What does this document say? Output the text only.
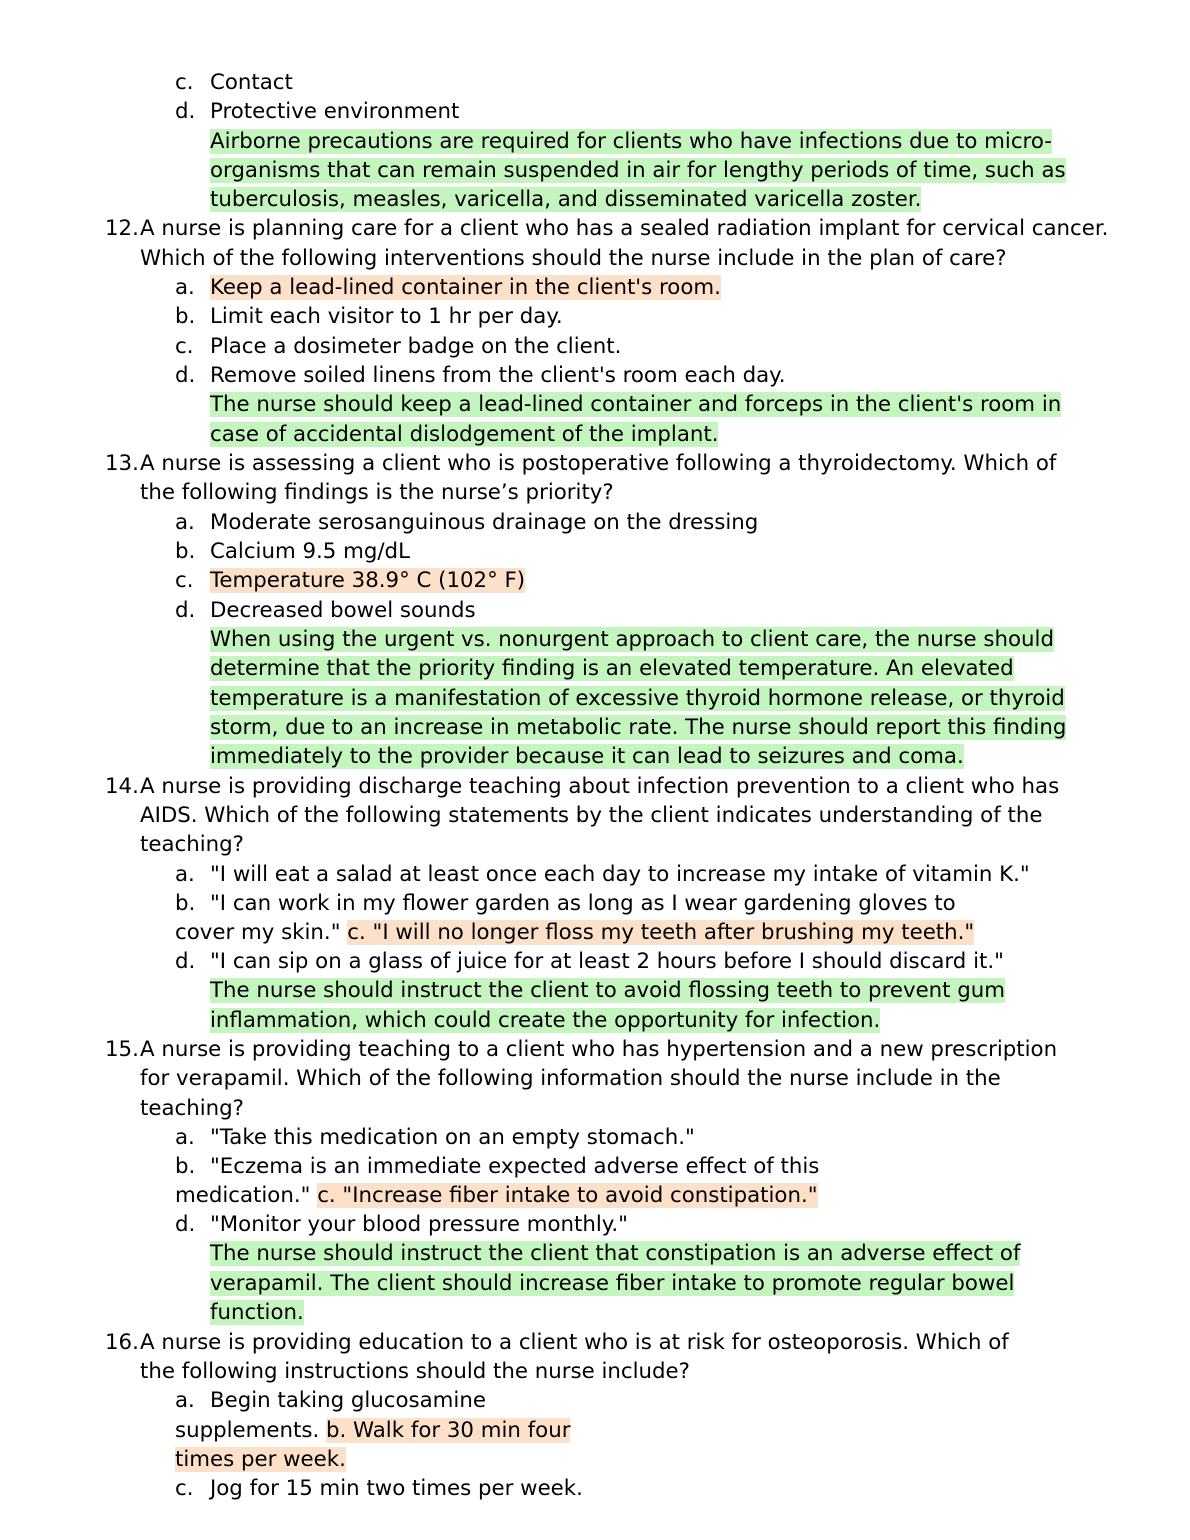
c. Contact
d. Protective environment
Airborne precautions are required for clients who have infections due to micro-
organisms that can remain suspended in air for lengthy periods of time, such as
tuberculosis, measles, varicella, and disseminated varicella zoster.
12.A nurse is planning care for a client who has a sealed radiation implant for cervical cancer.
Which of the following interventions should the nurse include in the plan of care?
a. Keep a lead-lined container in the client's room.
b. Limit each visitor to 1 hr per day.
c. Place a dosimeter badge on the client.
d. Remove soiled linens from the client's room each day.
The nurse should keep a lead-lined container and forceps in the client's room in
case of accidental dislodgement of the implant.
13.A nurse is assessing a client who is postoperative following a thyroidectomy. Which of
the following findings is the nurse’s priority?
a. Moderate serosanguinous drainage on the dressing
b. Calcium 9.5 mg/dL
c. Temperature 38.9° C (102° F)
d. Decreased bowel sounds
When using the urgent vs. nonurgent approach to client care, the nurse should
determine that the priority finding is an elevated temperature. An elevated
temperature is a manifestation of excessive thyroid hormone release, or thyroid
storm, due to an increase in metabolic rate. The nurse should report this finding
immediately to the provider because it can lead to seizures and coma.
14.A nurse is providing discharge teaching about infection prevention to a client who has
AIDS. Which of the following statements by the client indicates understanding of the
teaching?
a. "I will eat a salad at least once each day to increase my intake of vitamin K."
b. "I can work in my flower garden as long as I wear gardening gloves to
cover my skin." c. "I will no longer floss my teeth after brushing my teeth."
d. "I can sip on a glass of juice for at least 2 hours before I should discard it."
The nurse should instruct the client to avoid flossing teeth to prevent gum
inflammation, which could create the opportunity for infection.
15.A nurse is providing teaching to a client who has hypertension and a new prescription
for verapamil. Which of the following information should the nurse include in the
teaching?
a. "Take this medication on an empty stomach."
b. "Eczema is an immediate expected adverse effect of this
medication." c. "Increase fiber intake to avoid constipation."
d. "Monitor your blood pressure monthly."
The nurse should instruct the client that constipation is an adverse effect of
verapamil. The client should increase fiber intake to promote regular bowel
function.
16.A nurse is providing education to a client who is at risk for osteoporosis. Which of
the following instructions should the nurse include?
a. Begin taking glucosamine
supplements. b. Walk for 30 min four
times per week.
c. Jog for 15 min two times per week.
